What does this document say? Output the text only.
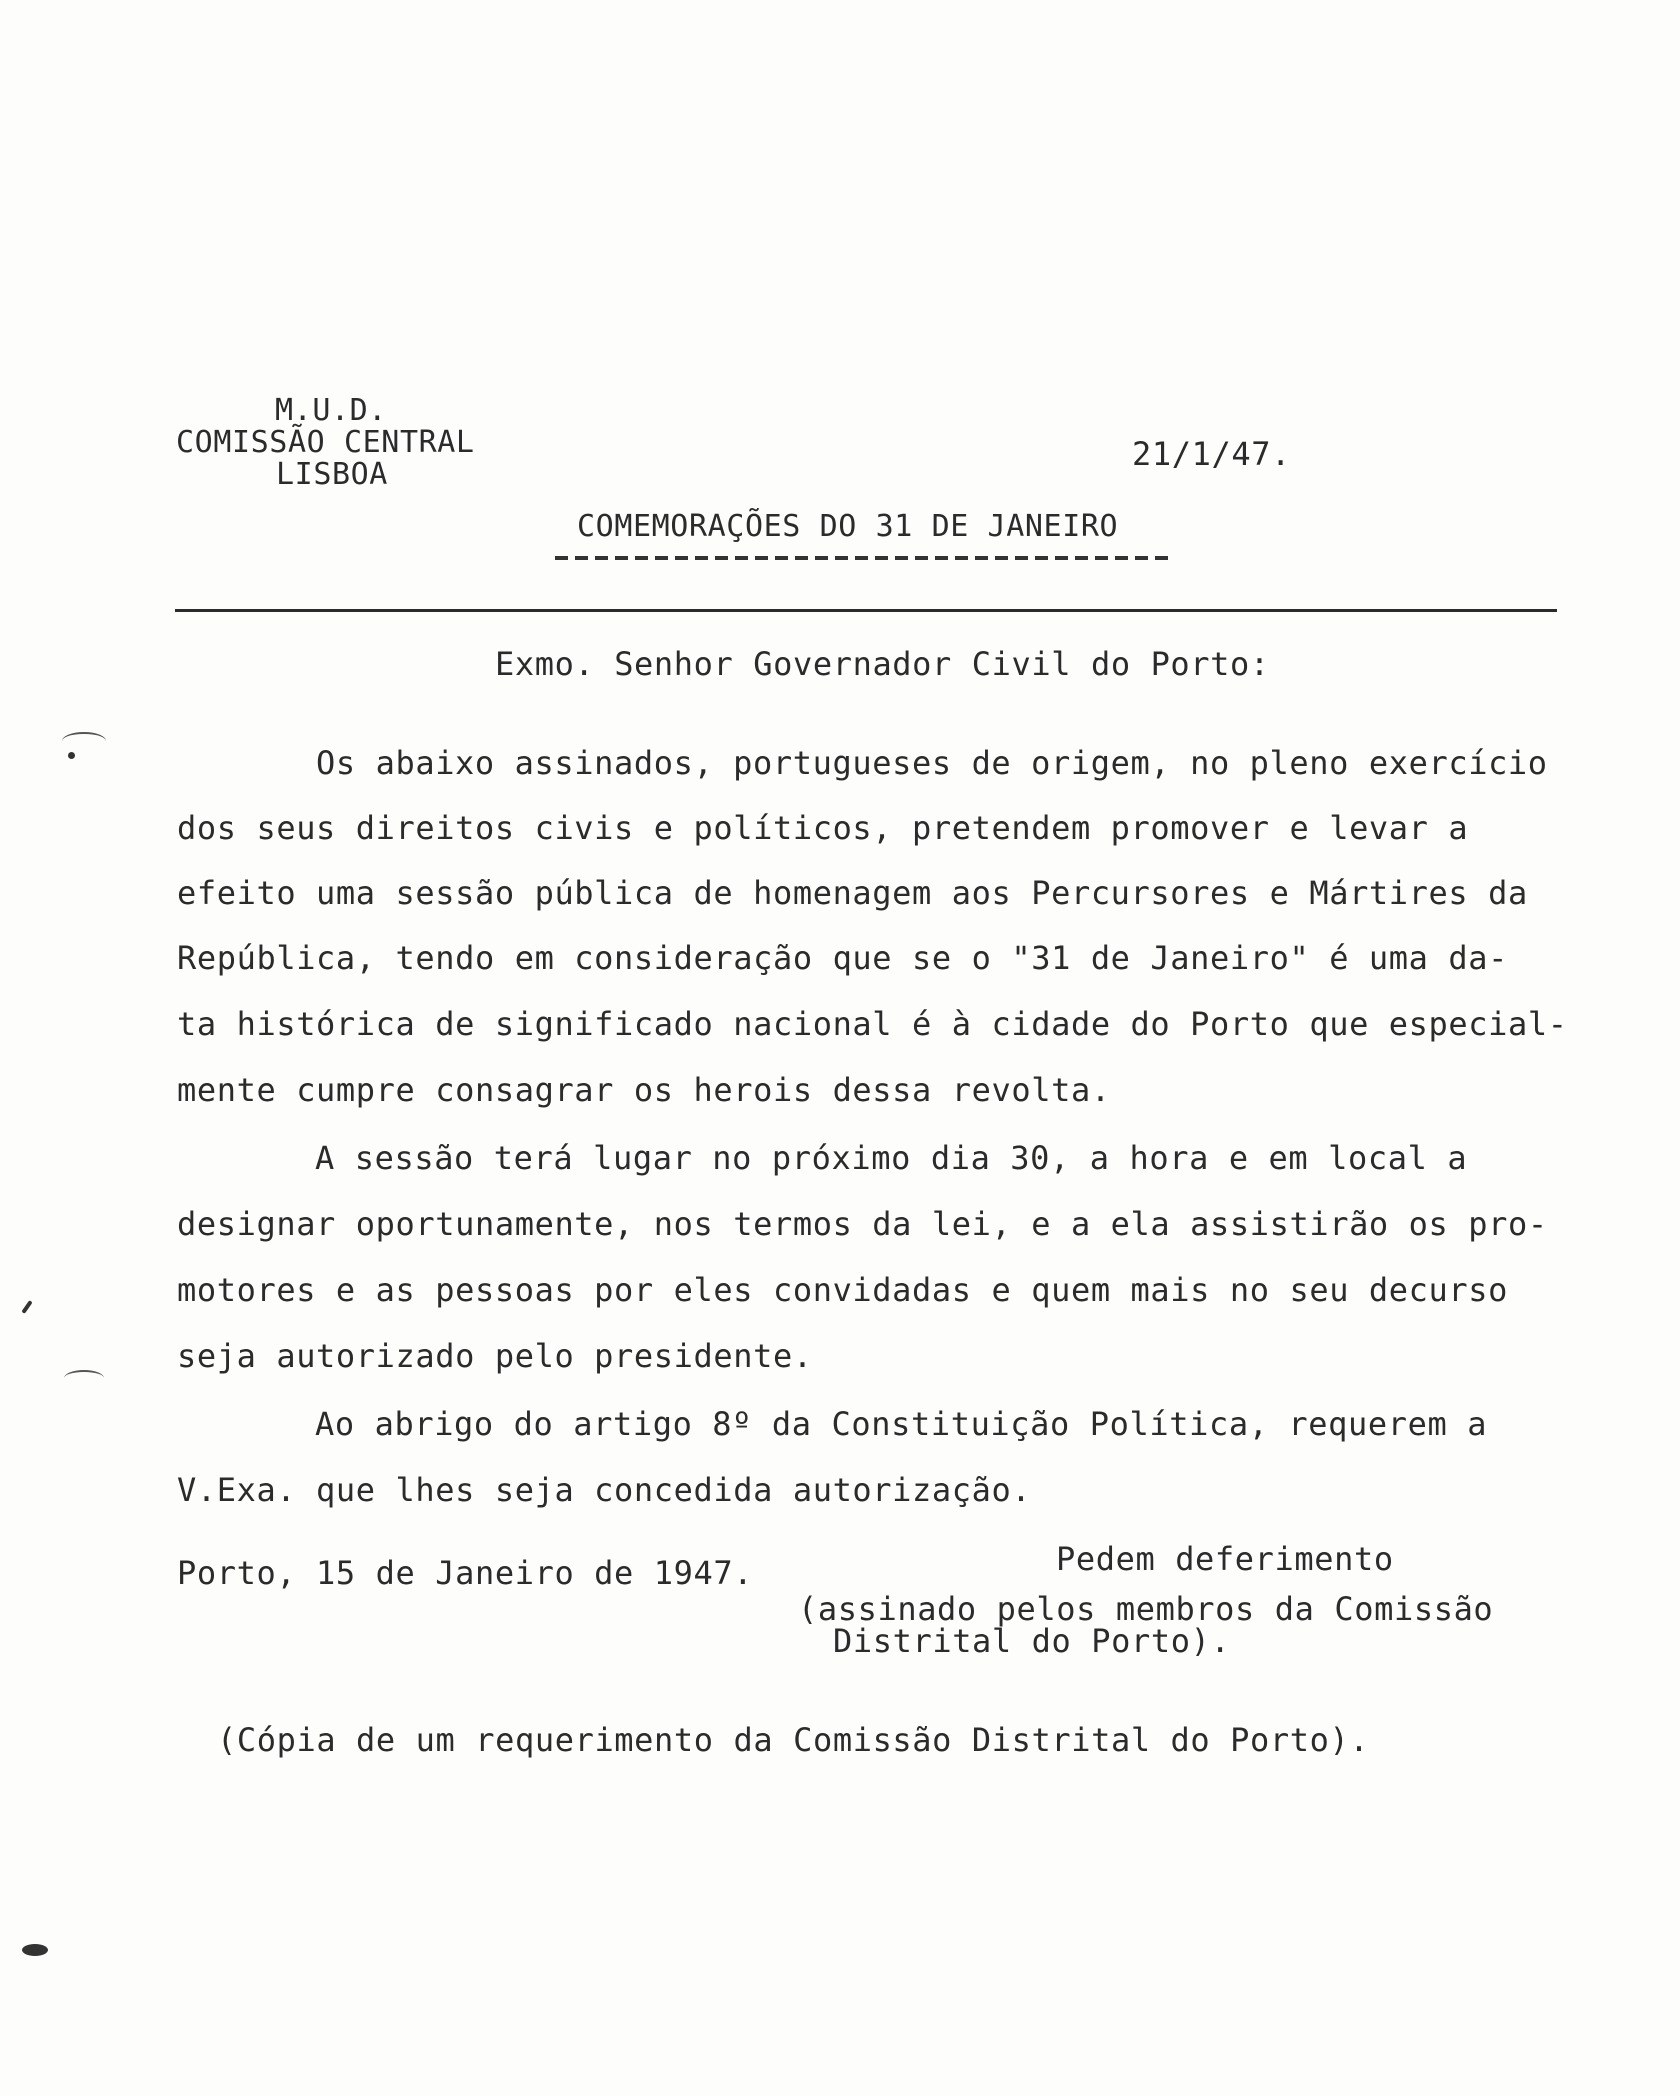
M.U.D.
COMISSÃO CENTRAL
LISBOA
21/1/47.
COMEMORAÇÕES DO 31 DE JANEIRO
Exmo. Senhor Governador Civil do Porto:
Os abaixo assinados, portugueses de origem, no pleno exercício
dos seus direitos civis e políticos, pretendem promover e levar a
efeito uma sessão pública de homenagem aos Percursores e Mártires da
República, tendo em consideração que se o "31 de Janeiro" é uma da-
ta histórica de significado nacional é à cidade do Porto que especial-
mente cumpre consagrar os herois dessa revolta.
A sessão terá lugar no próximo dia 30, a hora e em local a
designar oportunamente, nos termos da lei, e a ela assistirão os pro-
motores e as pessoas por eles convidadas e quem mais no seu decurso
seja autorizado pelo presidente.
Ao abrigo do artigo 8º da Constituição Política, requerem a
V.Exa. que lhes seja concedida autorização.
Porto, 15 de Janeiro de 1947.	Pedem deferimento
(assinado pelos membros da Comissão
Distrital do Porto).
(Cópia de um requerimento da Comissão Distrital do Porto).
